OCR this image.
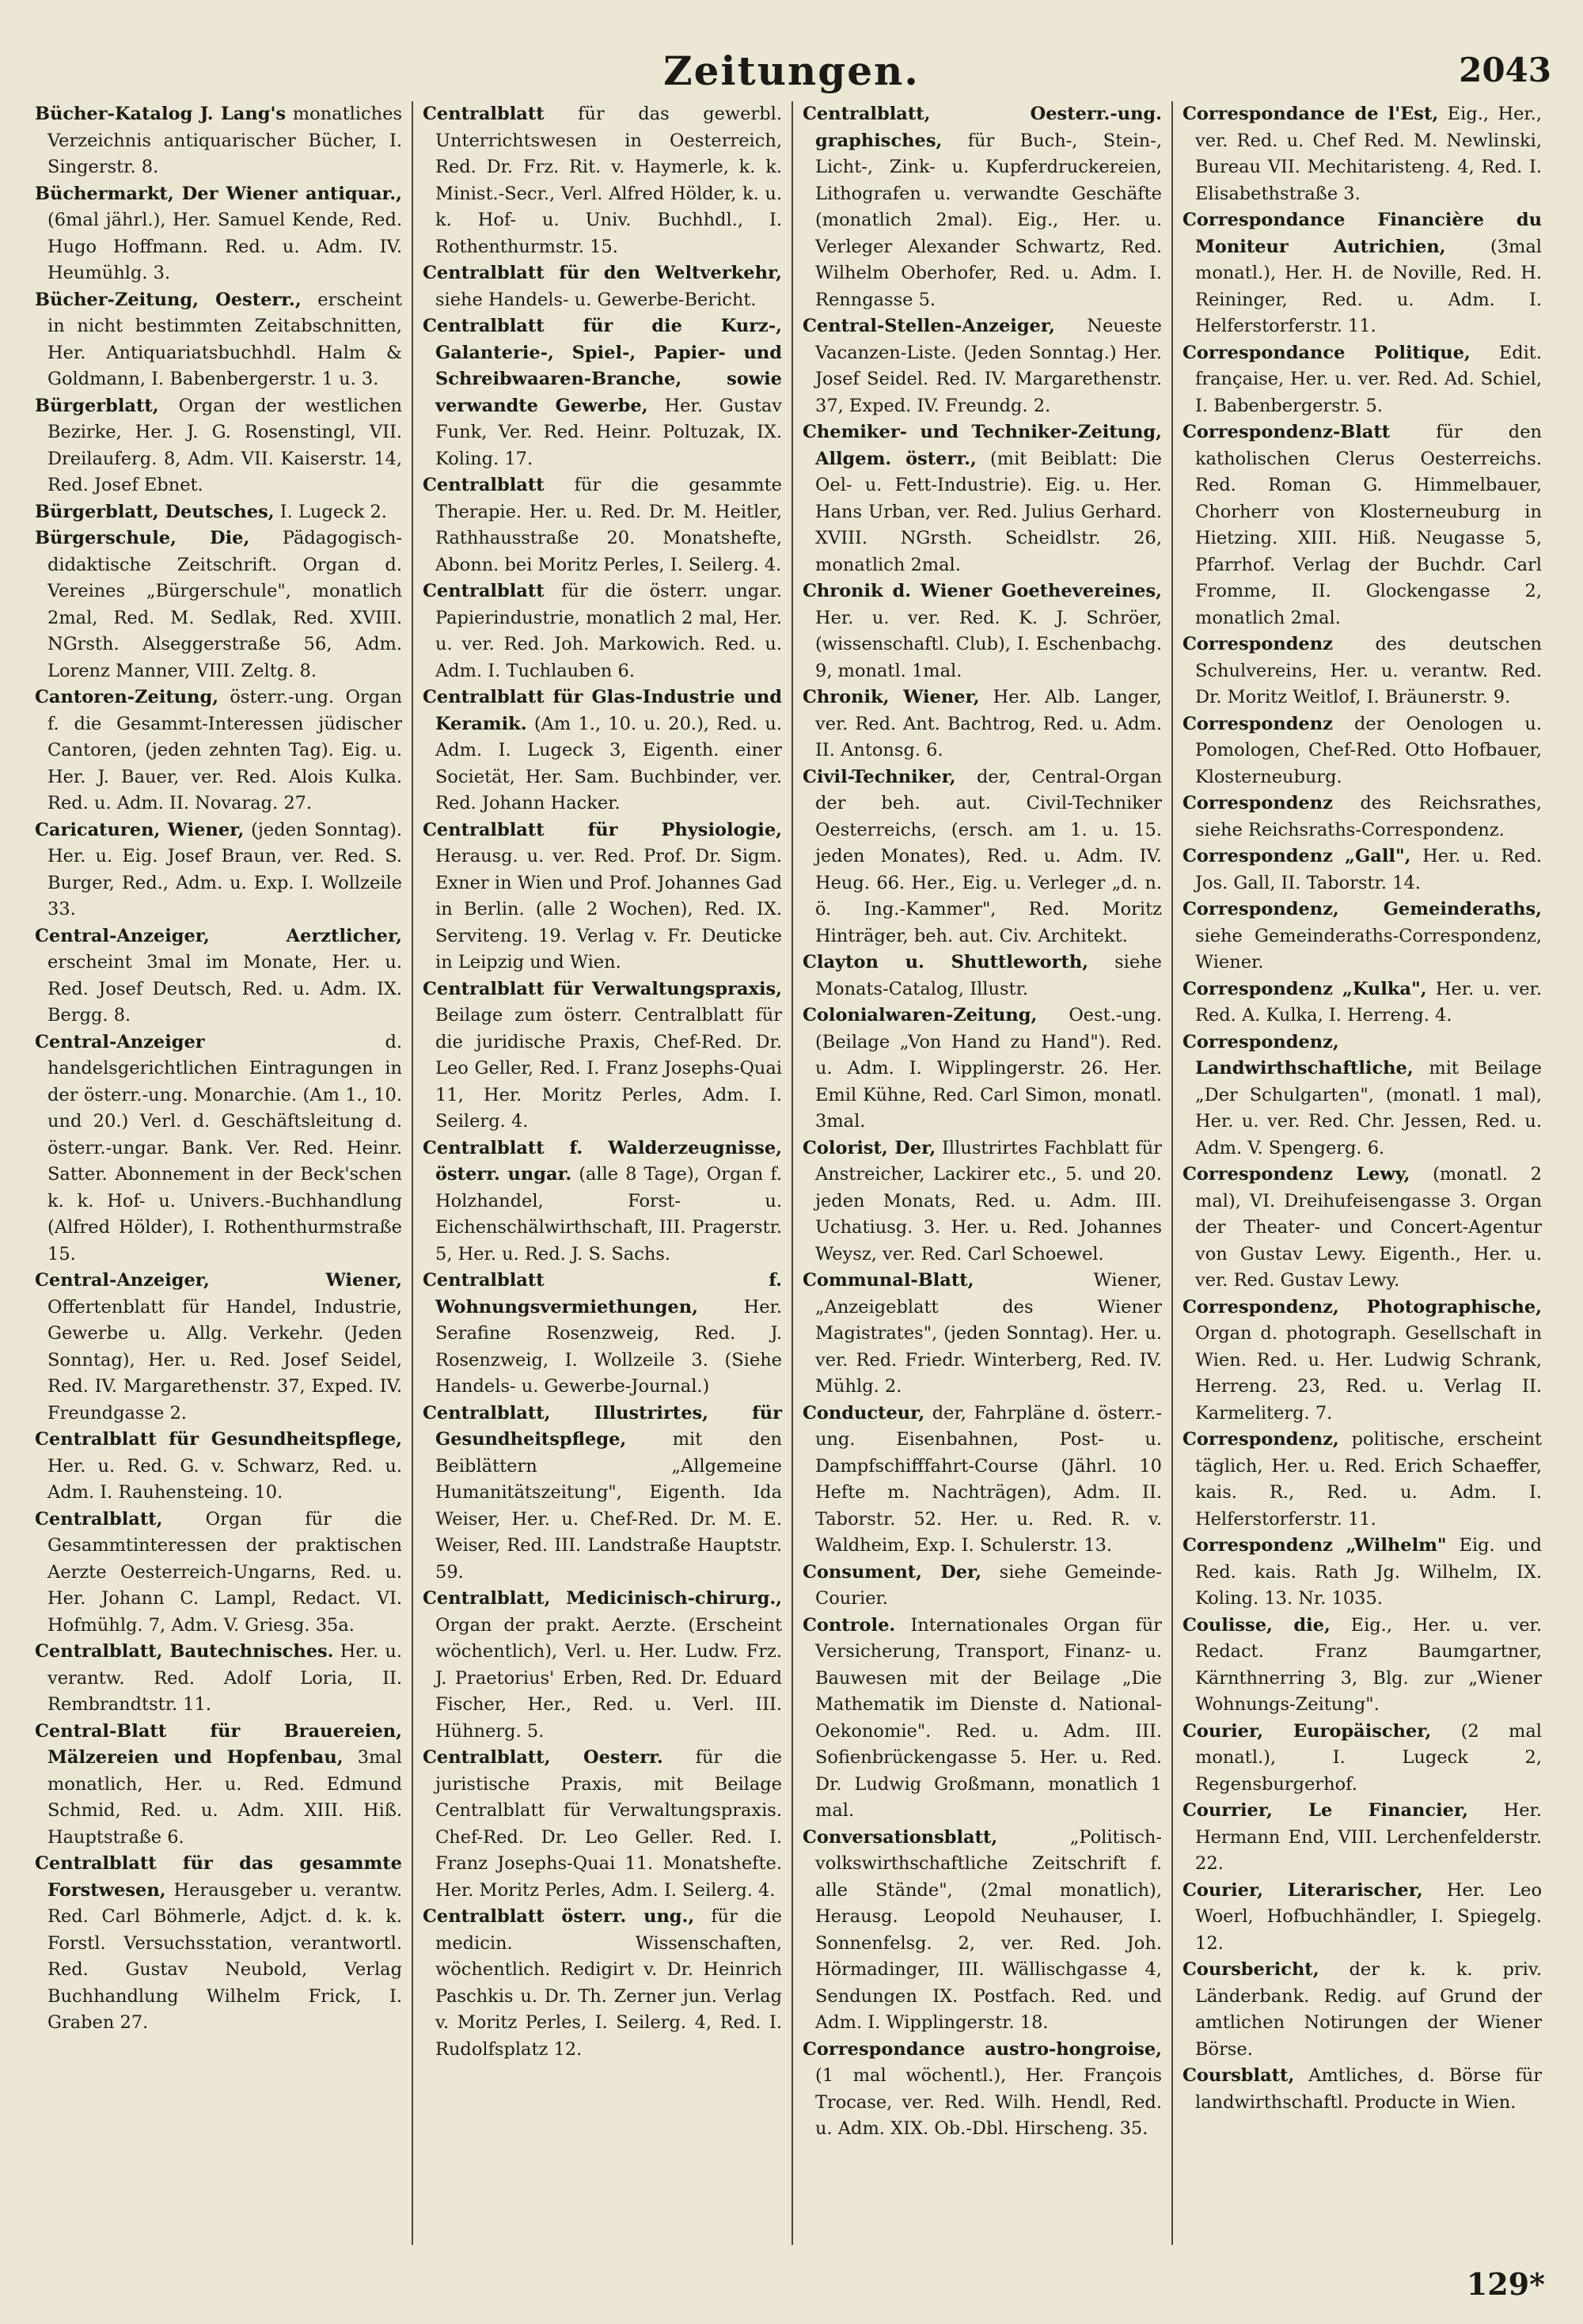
Zeitungen.	2043
Bücher-Katalog J. Lang's monatliches Verzeichnis antiquarischer Bücher, I. Singerstr. 8.
Büchermarkt, Der Wiener antiquar., (6mal jährl.), Her. Samuel Kende, Red. Hugo Hoffmann. Red. u. Adm. IV. Heumühlg. 3.
Bücher-Zeitung, Oesterr., erscheint in nicht bestimmten Zeitabschnitten, Her. Antiquariatsbuchhdl. Halm & Goldmann, I. Babenbergerstr. 1 u. 3.
Bürgerblatt, Organ der westlichen Bezirke, Her. J. G. Rosenstingl, VII. Dreilauferg. 8, Adm. VII. Kaiserstr. 14, Red. Josef Ebnet.
Bürgerblatt, Deutsches, I. Lugeck 2.
Bürgerschule, Die, Pädagogisch-didaktische Zeitschrift. Organ d. Vereines „Bürgerschule", monatlich 2mal, Red. M. Sedlak, Red. XVIII. NGrsth. Alseggerstraße 56, Adm. Lorenz Manner, VIII. Zeltg. 8.
Cantoren-Zeitung, österr.-ung. Organ f. die Gesammt-Interessen jüdischer Cantoren, (jeden zehnten Tag). Eig. u. Her. J. Bauer, ver. Red. Alois Kulka. Red. u. Adm. II. Novarag. 27.
Caricaturen, Wiener, (jeden Sonntag). Her. u. Eig. Josef Braun, ver. Red. S. Burger, Red., Adm. u. Exp. I. Wollzeile 33.
Central-Anzeiger, Aerztlicher, erscheint 3mal im Monate, Her. u. Red. Josef Deutsch, Red. u. Adm. IX. Bergg. 8.
Central-Anzeiger	d. handelsgerichtlichen Eintragungen in der österr.-ung. Monarchie. (Am 1., 10. und 20.) Verl. d. Geschäftsleitung d. österr.-ungar. Bank. Ver. Red. Heinr. Satter. Abonnement in der Beck'schen k. k. Hof- u. Univers.-Buchhandlung (Alfred Hölder), I. Rothenthurmstraße 15.
Central-Anzeiger, Wiener, Offertenblatt für Handel, Industrie, Gewerbe u. Allg. Verkehr. (Jeden Sonntag), Her. u. Red. Josef Seidel, Red. IV. Margarethenstr. 37, Exped. IV. Freundgasse 2.
Centralblatt für Gesundheitspflege, Her. u. Red. G. v. Schwarz, Red. u. Adm. I. Rauhensteing. 10.
Centralblatt, Organ für die Gesammtinteressen der praktischen Aerzte Oesterreich-Ungarns, Red. u. Her. Johann C. Lampl, Redact. VI. Hofmühlg. 7, Adm. V. Griesg. 35a.
Centralblatt, Bautechnisches. Her. u. verantw. Red. Adolf Loria, II. Rembrandtstr. 11.
Central-Blatt für Brauereien, Mälzereien und Hopfenbau, 3mal monatlich, Her. u. Red. Edmund Schmid, Red. u. Adm. XIII. Hiß. Hauptstraße 6.
Centralblatt für das gesammte Forstwesen, Herausgeber u. verantw. Red. Carl Böhmerle, Adjct. d. k. k. Forstl. Versuchsstation, verantwortl. Red. Gustav Neubold, Verlag Buchhandlung Wilhelm Frick, I. Graben 27.
Centralblatt für das gewerbl. Unterrichtswesen in Oesterreich, Red. Dr. Frz. Rit. v. Haymerle, k. k. Minist.-Secr., Verl. Alfred Hölder, k. u. k. Hof- u. Univ. Buchhdl., I. Rothenthurmstr. 15.
Centralblatt für den Weltverkehr, siehe Handels- u. Gewerbe-Bericht.
Centralblatt für die Kurz-, Galanterie-, Spiel-, Papier- und Schreibwaaren-Branche, sowie verwandte Gewerbe, Her. Gustav Funk, Ver. Red. Heinr. Poltuzak, IX. Koling. 17.
Centralblatt für die gesammte Therapie. Her. u. Red. Dr. M. Heitler, Rathhausstraße 20. Monatshefte, Abonn. bei Moritz Perles, I. Seilerg. 4.
Centralblatt für die österr. ungar. Papierindustrie, monatlich 2 mal, Her. u. ver. Red. Joh. Markowich. Red. u. Adm. I. Tuchlauben 6.
Centralblatt für Glas-Industrie und Keramik. (Am 1., 10. u. 20.), Red. u. Adm. I. Lugeck 3, Eigenth. einer Societät, Her. Sam. Buchbinder, ver. Red. Johann Hacker.
Centralblatt für Physiologie, Herausg. u. ver. Red. Prof. Dr. Sigm. Exner in Wien und Prof. Johannes Gad in Berlin. (alle 2 Wochen), Red. IX. Serviteng. 19. Verlag v. Fr. Deuticke in Leipzig und Wien.
Centralblatt für Verwaltungspraxis, Beilage zum österr. Centralblatt für die juridische Praxis, Chef-Red. Dr. Leo Geller, Red. I. Franz Josephs-Quai 11, Her. Moritz Perles, Adm. I. Seilerg. 4.
Centralblatt f. Walderzeugnisse, österr. ungar. (alle 8 Tage), Organ f. Holzhandel, Forst- u. Eichenschälwirthschaft, III. Pragerstr. 5, Her. u. Red. J. S. Sachs.
Centralblatt f. Wohnungsvermiethungen,	Her. Serafine Rosenzweig, Red. J. Rosenzweig, I. Wollzeile 3. (Siehe Handels- u. Gewerbe-Journal.)
Centralblatt, Illustrirtes, für Gesundheitspflege,	mit den Beiblättern „Allgemeine Humanitätszeitung", Eigenth. Ida Weiser, Her. u. Chef-Red. Dr. M. E. Weiser, Red. III. Landstraße Hauptstr. 59.
Centralblatt, Medicinisch-chirurg., Organ der prakt. Aerzte. (Erscheint wöchentlich), Verl. u. Her. Ludw. Frz. J. Praetorius' Erben, Red. Dr. Eduard Fischer, Her., Red. u. Verl. III. Hühnerg. 5.
Centralblatt, Oesterr. für die juristische Praxis, mit Beilage Centralblatt für Verwaltungspraxis. Chef-Red. Dr. Leo Geller. Red. I. Franz Josephs-Quai 11. Monatshefte. Her. Moritz Perles, Adm. I. Seilerg. 4.
Centralblatt österr. ung., für die medicin. Wissenschaften, wöchentlich. Redigirt v. Dr. Heinrich Paschkis u. Dr. Th. Zerner jun. Verlag v. Moritz Perles, I. Seilerg. 4, Red. I. Rudolfsplatz 12.
Centralblatt, Oesterr.-ung. graphisches, für Buch-, Stein-, Licht-, Zink- u. Kupferdruckereien, Lithografen u. verwandte Geschäfte (monatlich 2mal). Eig., Her. u. Verleger Alexander Schwartz, Red. Wilhelm Oberhofer, Red. u. Adm. I. Renngasse 5.
Central-Stellen-Anzeiger, Neueste Vacanzen-Liste. (Jeden Sonntag.) Her. Josef Seidel. Red. IV. Margarethenstr. 37, Exped. IV. Freundg. 2.
Chemiker- und Techniker-Zeitung, Allgem. österr., (mit Beiblatt: Die Oel- u. Fett-Industrie). Eig. u. Her. Hans Urban, ver. Red. Julius Gerhard. XVIII. NGrsth. Scheidlstr. 26, monatlich 2mal.
Chronik d. Wiener Goethevereines, Her. u. ver. Red. K. J. Schröer, (wissenschaftl. Club), I. Eschenbachg. 9, monatl. 1mal.
Chronik, Wiener, Her. Alb. Langer, ver. Red. Ant. Bachtrog, Red. u. Adm. II. Antonsg. 6.
Civil-Techniker, der, Central-Organ der beh. aut. Civil-Techniker Oesterreichs, (ersch. am 1. u. 15. jeden Monates), Red. u. Adm. IV. Heug. 66. Her., Eig. u. Verleger „d. n. ö. Ing.-Kammer", Red. Moritz Hinträger, beh. aut. Civ. Architekt.
Clayton u. Shuttleworth, siehe Monats-Catalog, Illustr.
Colonialwaren-Zeitung, Oest.-ung. (Beilage „Von Hand zu Hand"). Red. u. Adm. I. Wipplingerstr. 26. Her. Emil Kühne, Red. Carl Simon, monatl. 3mal.
Colorist, Der, Illustrirtes Fachblatt für Anstreicher, Lackirer etc., 5. und 20. jeden Monats, Red. u. Adm. III. Uchatiusg. 3. Her. u. Red. Johannes Weysz, ver. Red. Carl Schoewel.
Communal-Blatt,	Wiener, „Anzeigeblatt des Wiener Magistrates", (jeden Sonntag). Her. u. ver. Red. Friedr. Winterberg, Red. IV. Mühlg. 2.
Conducteur, der, Fahrpläne d. österr.-ung. Eisenbahnen, Post- u. Dampfschifffahrt-Course (Jährl. 10 Hefte m. Nachträgen), Adm. II. Taborstr. 52. Her. u. Red. R. v. Waldheim, Exp. I. Schulerstr. 13.
Consument, Der, siehe Gemeinde-Courier.
Controle. Internationales Organ für Versicherung, Transport, Finanz- u. Bauwesen mit der Beilage „Die Mathematik im Dienste d. National-Oekonomie". Red. u. Adm. III. Sofienbrückengasse 5. Her. u. Red. Dr. Ludwig Großmann, monatlich 1 mal.
Conversationsblatt,	„Politisch-volkswirthschaftliche Zeitschrift f. alle Stände", (2mal monatlich), Herausg. Leopold Neuhauser, I. Sonnenfelsg. 2, ver. Red. Joh. Hörmadinger, III. Wällischgasse 4, Sendungen IX. Postfach. Red. und Adm. I. Wipplingerstr. 18.
Correspondance austro-hongroise, (1 mal wöchentl.), Her. François Trocase, ver. Red. Wilh. Hendl, Red. u. Adm. XIX. Ob.-Dbl. Hirscheng. 35.
Correspondance de l'Est, Eig., Her., ver. Red. u. Chef Red. M. Newlinski, Bureau VII. Mechitaristeng. 4, Red. I. Elisabethstraße 3.
Correspondance Financière du Moniteur Autrichien,	(3mal monatl.), Her. H. de Noville, Red. H. Reininger, Red. u. Adm. I. Helferstorferstr. 11.
Correspondance Politique, Edit. française, Her. u. ver. Red. Ad. Schiel, I. Babenbergerstr. 5.
Correspondenz-Blatt	für den katholischen Clerus Oesterreichs. Red. Roman G. Himmelbauer, Chorherr von Klosterneuburg in Hietzing. XIII. Hiß. Neugasse 5, Pfarrhof. Verlag der Buchdr. Carl Fromme, II. Glockengasse 2, monatlich 2mal.
Correspondenz des deutschen Schulvereins, Her. u. verantw. Red. Dr. Moritz Weitlof, I. Bräunerstr. 9.
Correspondenz der Oenologen u. Pomologen, Chef-Red. Otto Hofbauer, Klosterneuburg.
Correspondenz des Reichsrathes, siehe Reichsraths-Correspondenz.
Correspondenz „Gall", Her. u. Red. Jos. Gall, II. Taborstr. 14.
Correspondenz, Gemeinderaths, siehe Gemeinderaths-Correspondenz, Wiener.
Correspondenz „Kulka", Her. u. ver. Red. A. Kulka, I. Herreng. 4.
Correspondenz, Landwirthschaftliche, mit Beilage „Der Schulgarten", (monatl. 1 mal), Her. u. ver. Red. Chr. Jessen, Red. u. Adm. V. Spengerg. 6.
Correspondenz Lewy, (monatl. 2 mal), VI. Dreihufeisengasse 3. Organ der Theater- und Concert-Agentur von Gustav Lewy. Eigenth., Her. u. ver. Red. Gustav Lewy.
Correspondenz, Photographische, Organ d. photograph. Gesellschaft in Wien. Red. u. Her. Ludwig Schrank, Herreng. 23, Red. u. Verlag II. Karmeliterg. 7.
Correspondenz, politische, erscheint täglich, Her. u. Red. Erich Schaeffer, kais. R., Red. u. Adm. I. Helferstorferstr. 11.
Correspondenz „Wilhelm" Eig. und Red. kais. Rath Jg. Wilhelm, IX. Koling. 13. Nr. 1035.
Coulisse, die, Eig., Her. u. ver. Redact. Franz Baumgartner, Kärnthnerring 3, Blg. zur „Wiener Wohnungs-Zeitung".
Courier, Europäischer, (2 mal monatl.), I. Lugeck 2, Regensburgerhof.
Courrier, Le Financier, Her. Hermann End, VIII. Lerchenfelderstr. 22.
Courier, Literarischer, Her. Leo Woerl, Hofbuchhändler, I. Spiegelg. 12.
Coursbericht, der k. k. priv. Länderbank. Redig. auf Grund der amtlichen Notirungen der Wiener Börse.
Coursblatt, Amtliches, d. Börse für landwirthschaftl. Producte in Wien.
129*
